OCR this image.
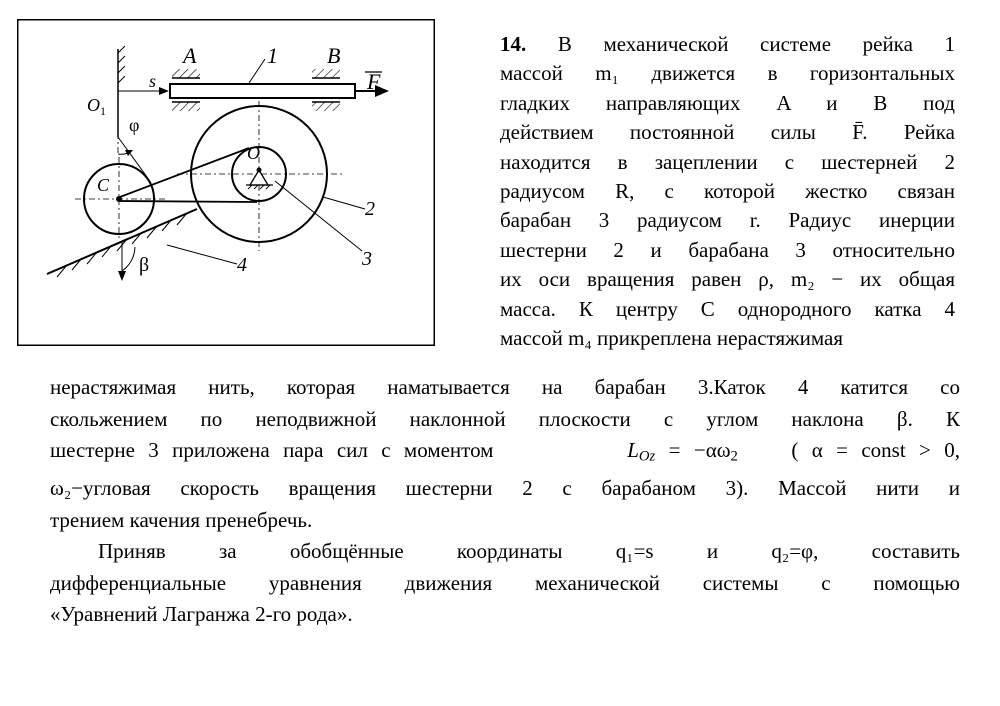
A	1 B
s	F
O 1
φ
O
C
2
3
4
β
14. В механической системе рейка 1
массой m₁ движется в горизонтальных
гладких направляющих A и B под
действием постоянной силы F̄. Рейка
находится в зацеплении с шестерней 2
радиусом R, с которой жестко связан
барабан 3 радиусом r. Радиус инерции
шестерни 2 и барабана 3 относительно
их оси вращения равен ρ, m₂ − их общая
масса. К центру C однородного катка 4
массой m₄ прикреплена нерастяжимая

нерастяжимая нить, которая наматывается на барабан 3.Каток 4 катится со

скольжением по неподвижной наклонной плоскости с углом наклона β. К

шестерне 3 приложена пара сил с моментом	$L_{Oz} = -\alpha\omega_2$	( α = const > 0,

ω₂−угловая скорость вращения шестерни 2 с барабаном 3). Массой нити и

трением качения пренебречь.

Приняв за обобщённые координаты q₁=s и q₂=φ, составить

дифференциальные уравнения движения механической системы с помощью

«Уравнений Лагранжа 2-го рода».
